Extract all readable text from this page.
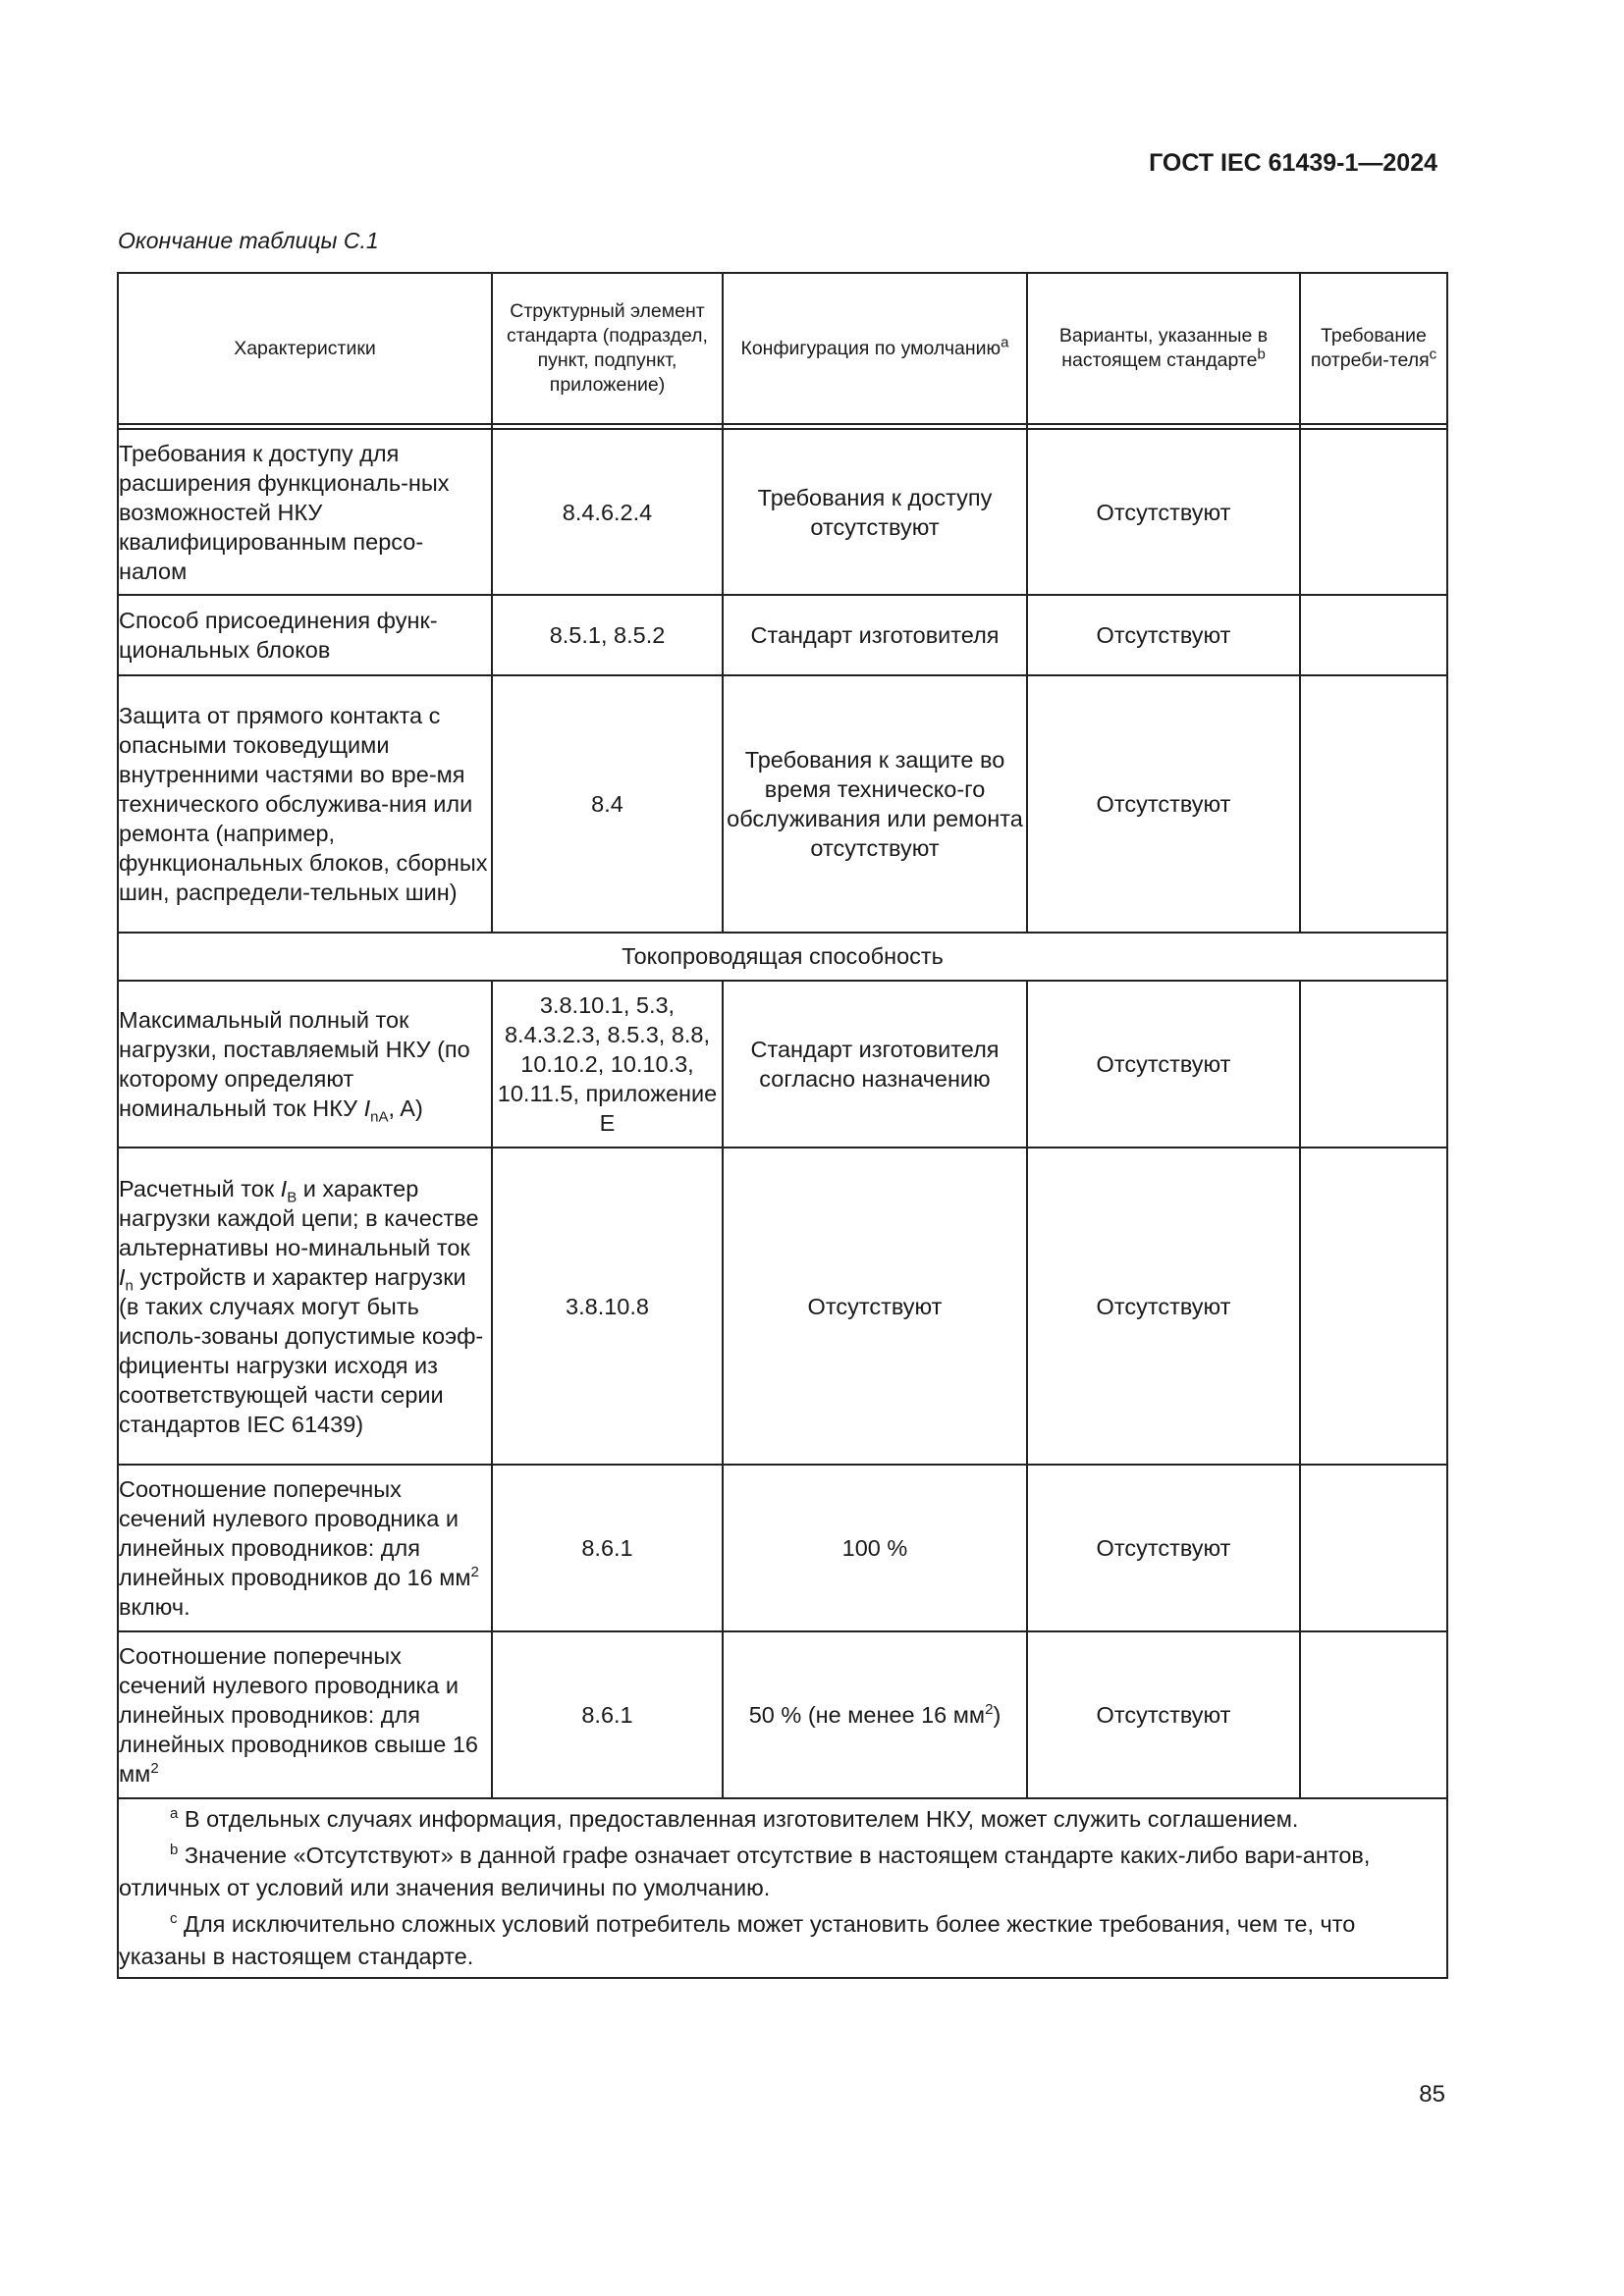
ГОСТ IEC 61439-1—2024
Окончание таблицы С.1
Характеристики	Структурный элемент стандарта (подраздел, пункт, подпункт, приложение)	Конфигурация по умолчанию$^a$	Варианты, указанные в настоящем стандарте$^b$	Требование потреби-теля$^c$

Требования к доступу для расширения функциональ-ных возможностей НКУ квалифицированным персо-налом	8.4.6.2.4	Требования к доступу отсутствуют	Отсутствуют	
Способ присоединения функ-циональных блоков	8.5.1, 8.5.2	Стандарт изготовителя	Отсутствуют	
Защита от прямого контакта с опасными токоведущими внутренними частями во вре-мя технического обслужива-ния или ремонта (например, функциональных блоков, сборных шин, распредели-тельных шин)	8.4	Требования к защите во время техническо-го обслуживания или ремонта отсутствуют	Отсутствуют	
Токопроводящая способность				
Максимальный полный ток нагрузки, поставляемый НКУ (по которому определяют номинальный ток НКУ $I_{nA}$, A)	3.8.10.1, 5.3, 8.4.3.2.3, 8.5.3, 8.8, 10.10.2, 10.10.3, 10.11.5, приложение E	Стандарт изготовителя согласно назначению	Отсутствуют	
Расчетный ток $I_B$ и характер нагрузки каждой цепи; в качестве альтернативы но-минальный ток $I_n$ устройств и характер нагрузки (в таких случаях могут быть исполь-зованы допустимые коэф-фициенты нагрузки исходя из соответствующей части серии стандартов IEC 61439)	3.8.10.8	Отсутствуют	Отсутствуют	
Соотношение поперечных сечений нулевого проводника и линейных проводников: для линейных проводников до 16 $мм^2$ включ.	8.6.1	100 %	Отсутствуют	
Соотношение поперечных сечений нулевого проводника и линейных проводников: для линейных проводников свыше 16 $мм^2$	8.6.1	50 % (не менее 16 $мм^2$)	Отсутствуют	

$^a$ В отдельных случаях информация, предоставленная изготовителем НКУ, может служить соглашением.
$^b$ Значение «Отсутствуют» в данной графе означает отсутствие в настоящем стандарте каких-либо вари-антов, отличных от условий или значения величины по умолчанию.
$^c$ Для исключительно сложных условий потребитель может установить более жесткие требования, чем те, что указаны в настоящем стандарте.				
85
